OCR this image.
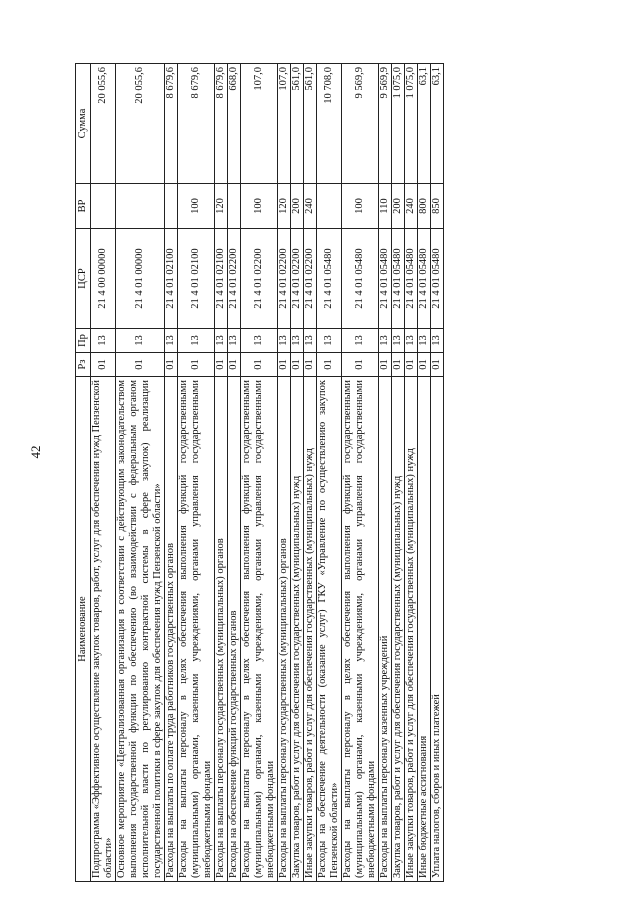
42
Наименование	Рз	Пр	ЦСР	ВР	Сумма
Подпрограмма «Эффективное осуществление закупок товаров, работ, услуг для обеспечения нужд Пензенской области»	01	13	21 4 00 00000		20 055,6
Основное мероприятие «Централизованная организация в соответствии с действующим законодательством выполнения государственной функции по обеспечению (во взаимодействии с федеральным органом исполнительной власти по регулированию контрактной системы в сфере закупок) реализации государственной политики в сфере закупок для обеспечения нужд Пензенской области»	01	13	21 4 01 00000		20 055,6
Расходы на выплаты по оплате труда работников государственных органов	01	13	21 4 01 02100		8 679,6
Расходы на выплаты персоналу в целях обеспечения выполнения функций государственными (муниципальными) органами, казенными учреждениями, органами управления государственными внебюджетными фондами	01	13	21 4 01 02100	100	8 679,6
Расходы на выплаты персоналу государственных (муниципальных) органов	01	13	21 4 01 02100	120	8 679,6
Расходы на обеспечение функций государственных органов	01	13	21 4 01 02200		668,0
Расходы на выплаты персоналу в целях обеспечения выполнения функций государственными (муниципальными) органами, казенными учреждениями, органами управления государственными внебюджетными фондами	01	13	21 4 01 02200	100	107,0
Расходы на выплаты персоналу государственных (муниципальных) органов	01	13	21 4 01 02200	120	107,0
Закупка товаров, работ и услуг для обеспечения государственных (муниципальных) нужд	01	13	21 4 01 02200	200	561,0
Иные закупки товаров, работ и услуг для обеспечения государственных (муниципальных) нужд	01	13	21 4 01 02200	240	561,0
Расходы на обеспечение деятельности (оказание услуг) ГКУ «Управление по осуществлению закупок Пензенской области»	01	13	21 4 01 05480		10 708,0
Расходы на выплаты персоналу в целях обеспечения выполнения функций государственными (муниципальными) органами, казенными учреждениями, органами управления государственными внебюджетными фондами	01	13	21 4 01 05480	100	9 569,9
Расходы на выплаты персоналу казенных учреждений	01	13	21 4 01 05480	110	9 569,9
Закупка товаров, работ и услуг для обеспечения государственных (муниципальных) нужд	01	13	21 4 01 05480	200	1 075,0
Иные закупки товаров, работ и услуг для обеспечения государственных (муниципальных) нужд	01	13	21 4 01 05480	240	1 075,0
Иные бюджетные ассигнования	01	13	21 4 01 05480	800	63,1
Уплата налогов, сборов и иных платежей	01	13	21 4 01 05480	850	63,1
